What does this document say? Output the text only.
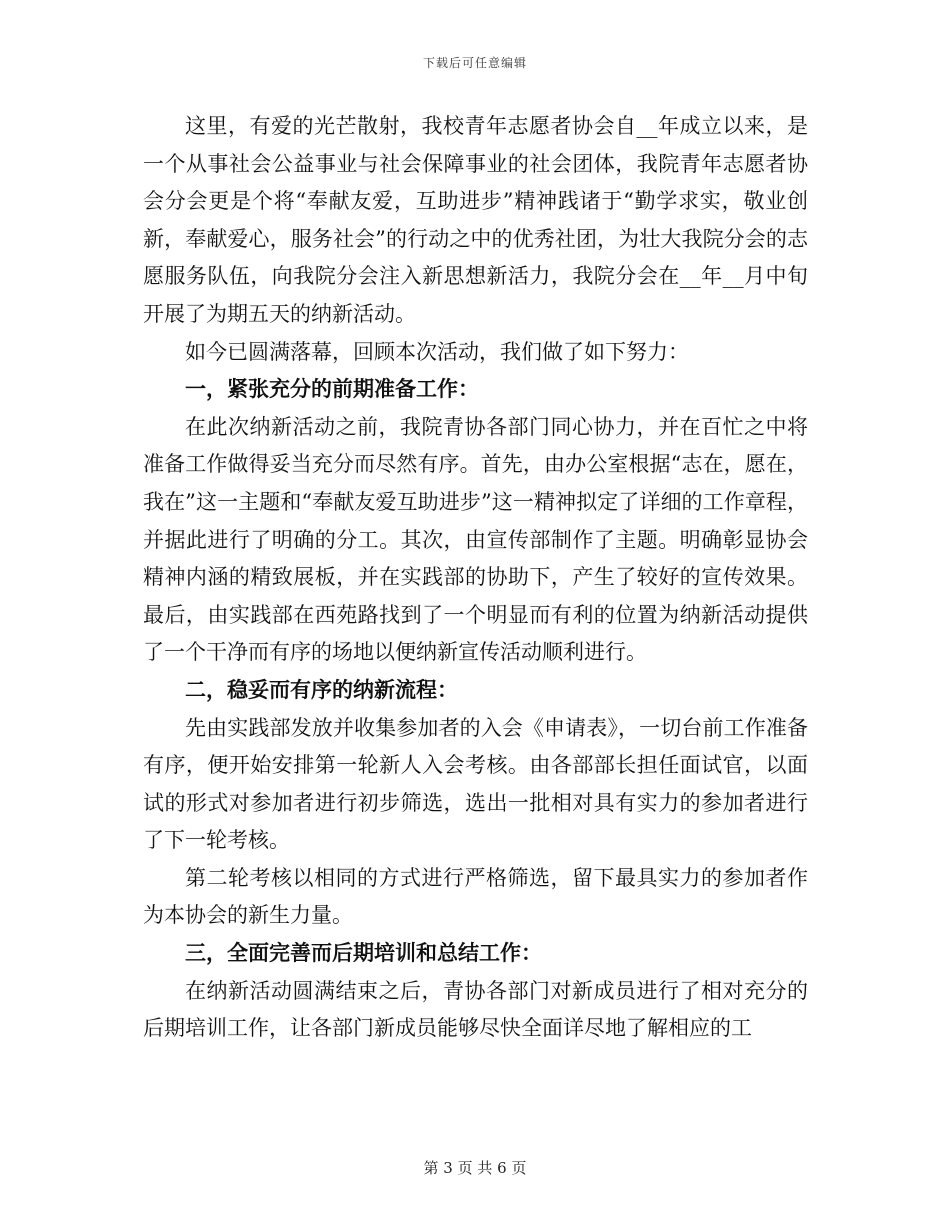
下载后可任意编辑

这里，有爱的光芒散射，我校青年志愿者协会自__年成立以来，是一个从事社会公益事业与社会保障事业的社会团体，我院青年志愿者协会分会更是个将“奉献友爱，互助进步”精神践诸于“勤学求实，敬业创新，奉献爱心，服务社会”的行动之中的优秀社团，为壮大我院分会的志愿服务队伍，向我院分会注入新思想新活力，我院分会在__年__月中旬开展了为期五天的纳新活动。

如今已圆满落幕，回顾本次活动，我们做了如下努力：

一，紧张充分的前期准备工作：

在此次纳新活动之前，我院青协各部门同心协力，并在百忙之中将准备工作做得妥当充分而尽然有序。首先，由办公室根据“志在，愿在，我在”这一主题和“奉献友爱互助进步”这一精神拟定了详细的工作章程，并据此进行了明确的分工。其次，由宣传部制作了主题。明确彰显协会精神内涵的精致展板，并在实践部的协助下，产生了较好的宣传效果。最后，由实践部在西苑路找到了一个明显而有利的位置为纳新活动提供了一个干净而有序的场地以便纳新宣传活动顺利进行。

二，稳妥而有序的纳新流程：

先由实践部发放并收集参加者的入会《申请表》，一切台前工作准备有序，便开始安排第一轮新人入会考核。由各部部长担任面试官，以面试的形式对参加者进行初步筛选，选出一批相对具有实力的参加者进行了下一轮考核。

第二轮考核以相同的方式进行严格筛选，留下最具实力的参加者作为本协会的新生力量。

三，全面完善而后期培训和总结工作：

在纳新活动圆满结束之后，青协各部门对新成员进行了相对充分的后期培训工作，让各部门新成员能够尽快全面详尽地了解相应的工

第 3 页 共 6 页
